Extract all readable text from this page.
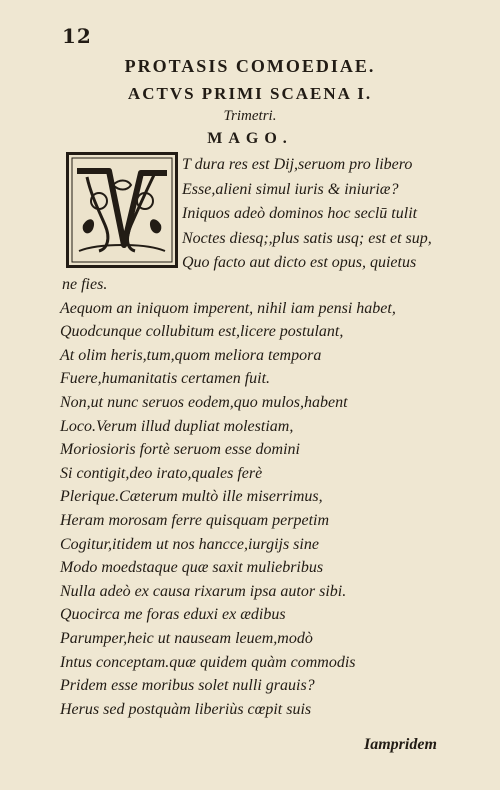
12
PROTASIS COMOEDIAE.
ACTVS PRIMI SCAENA I.
Trimetri.
MAGO.
T dura res est Dij,seruom pro libero
Esse,alieni simul iuris & iniuriæ?
Iniquos adeò dominos hoc seclū tulit
Noctes diesq;,plus satis usq; est et sup,
Quo facto aut dicto est opus, quietus
ne fies.
Aequom an iniquom imperent, nihil iam pensi habet,
Quodcunque collubitum est,licere postulant,
At olim heris,tum,quom meliora tempora
Fuere,humanitatis certamen fuit.
Non,ut nunc seruos eodem,quo mulos,habent
Loco.Verum illud dupliat molestiam,
Moriosioris fortè seruom esse domini
Si contigit,deo irato,quales ferè
Plerique.Cæterum multò ille miserrimus,
Heram morosam ferre quisquam perpetim
Cogitur,itidem ut nos hancce,iurgijs sine
Modo moedstaque quæ saxit muliebribus
Nulla adeò ex causa rixarum ipsa autor sibi.
Quocirca me foras eduxi ex ædibus
Parumper,heic ut nauseam leuem,modò
Intus conceptam.quæ quidem quàm commodis
Pridem esse moribus solet nulli grauis?
Herus sed postquàm liberiùs cœpit suis
Iampridem
